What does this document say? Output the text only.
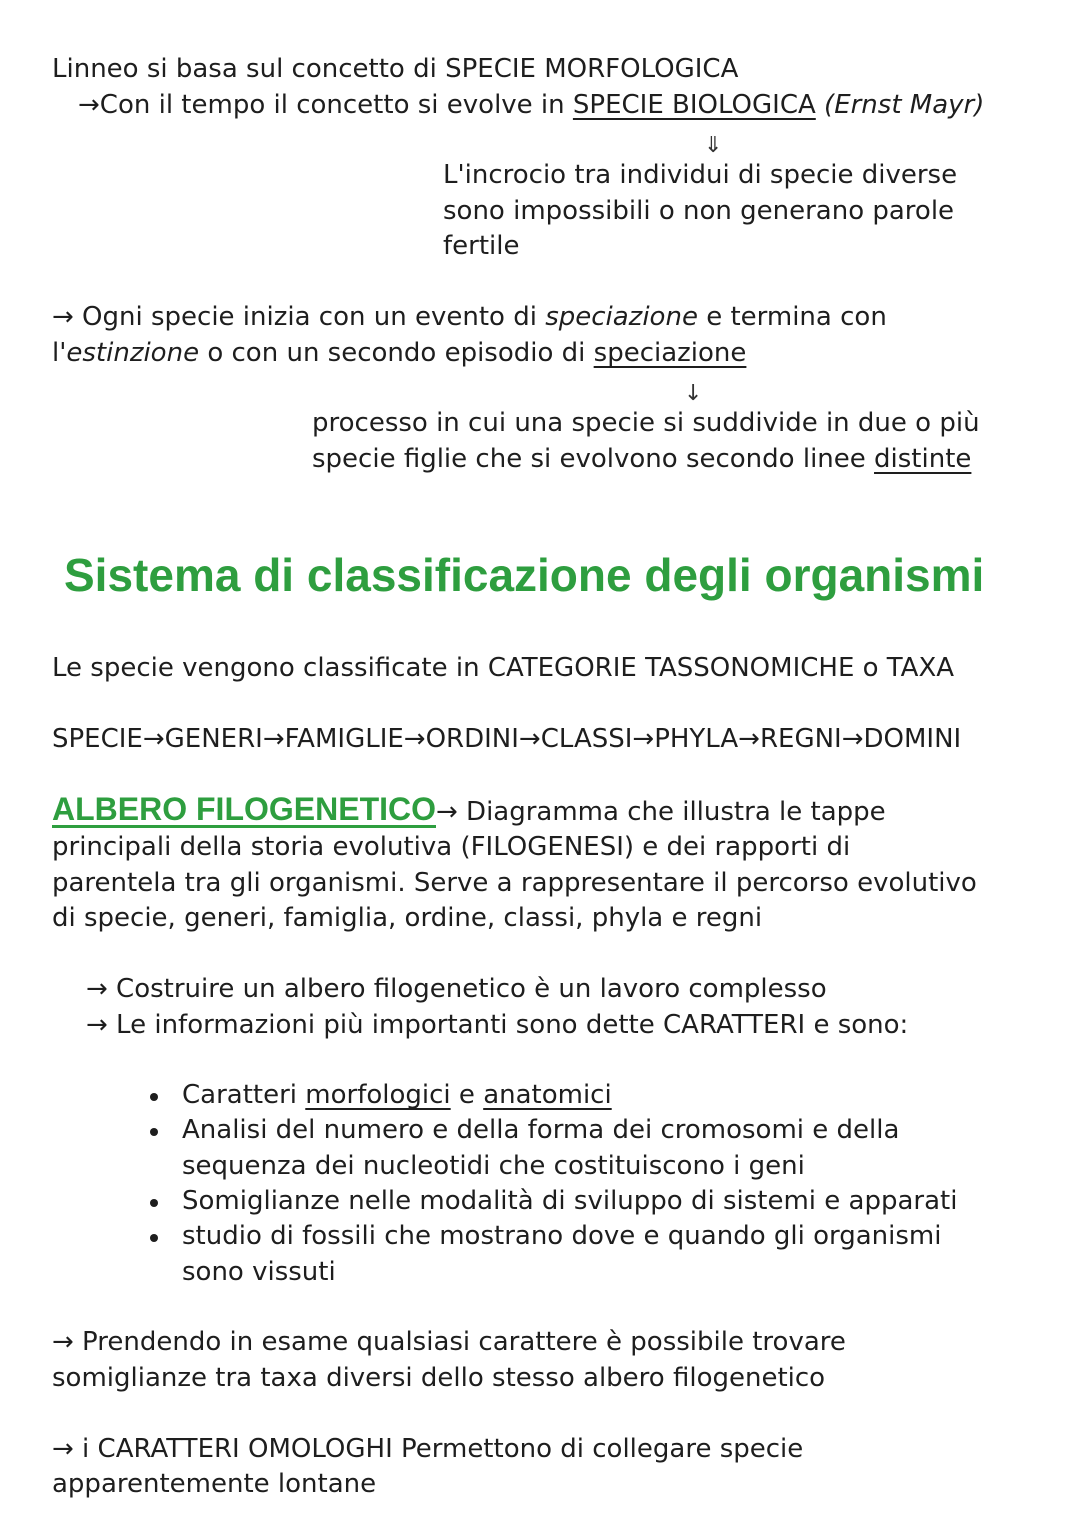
Linneo si basa sul concetto di SPECIE MORFOLOGICA
→Con il tempo il concetto si evolve in SPECIE BIOLOGICA (Ernst Mayr)
⇓
L'incrocio tra individui di specie diverse
sono impossibili o non generano parole
fertile
→ Ogni specie inizia con un evento di speciazione e termina con
l'estinzione o con un secondo episodio di speciazione
↓
processo in cui una specie si suddivide in due o più
specie figlie che si evolvono secondo linee distinte
Sistema di classificazione degli organismi
Le specie vengono classificate in CATEGORIE TASSONOMICHE o TAXA
SPECIE→GENERI→FAMIGLIE→ORDINI→CLASSI→PHYLA→REGNI→DOMINI
ALBERO FILOGENETICO→ Diagramma che illustra le tappe
principali della storia evolutiva (FILOGENESI) e dei rapporti di
parentela tra gli organismi. Serve a rappresentare il percorso evolutivo
di specie, generi, famiglia, ordine, classi, phyla e regni
→ Costruire un albero filogenetico è un lavoro complesso
→ Le informazioni più importanti sono dette CARATTERI e sono:
Caratteri morfologici e anatomici
Analisi del numero e della forma dei cromosomi e della
sequenza dei nucleotidi che costituiscono i geni
Somiglianze nelle modalità di sviluppo di sistemi e apparati
studio di fossili che mostrano dove e quando gli organismi
sono vissuti
→ Prendendo in esame qualsiasi carattere è possibile trovare
somiglianze tra taxa diversi dello stesso albero filogenetico
→ i CARATTERI OMOLOGHI Permettono di collegare specie
apparentemente lontane
